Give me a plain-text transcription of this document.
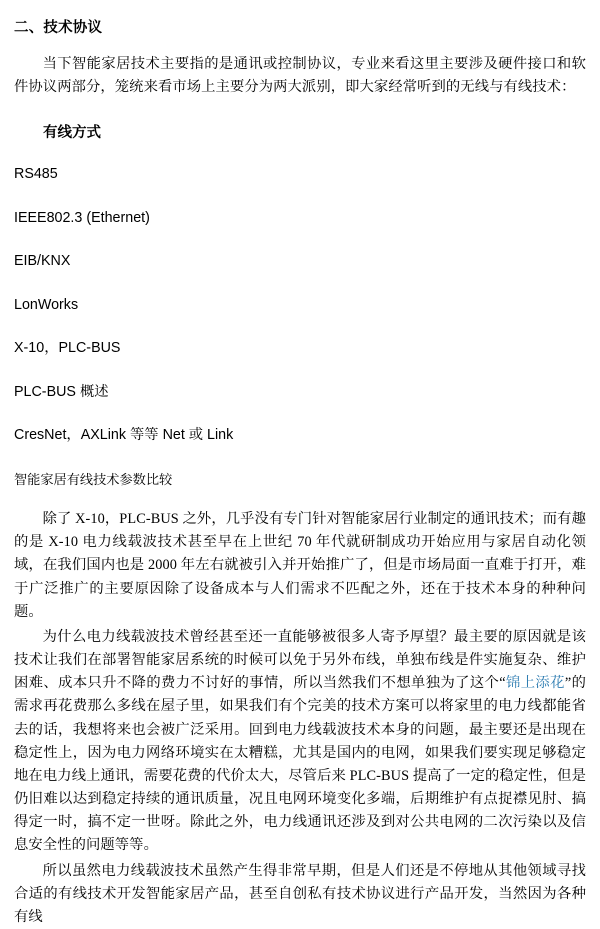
二、技术协议

当下智能家居技术主要指的是通讯或控制协议，专业来看这里主要涉及硬件接口和软件协议两部分，笼统来看市场上主要分为两大派别，即大家经常听到的无线与有线技术：

有线方式

RS485

IEEE802.3 (Ethernet)

EIB/KNX

LonWorks

X-10，PLC-BUS

PLC-BUS 概述

CresNet，AXLink 等等 Net 或 Link

智能家居有线技术参数比较

除了 X-10，PLC-BUS 之外，几乎没有专门针对智能家居行业制定的通讯技术；而有趣的是 X-10 电力线载波技术甚至早在上世纪 70 年代就研制成功开始应用与家居自动化领域，在我们国内也是 2000 年左右就被引入并开始推广了，但是市场局面一直难于打开，难于广泛推广的主要原因除了设备成本与人们需求不匹配之外，还在于技术本身的种种问题。

为什么电力线载波技术曾经甚至还一直能够被很多人寄予厚望？最主要的原因就是该技术让我们在部署智能家居系统的时候可以免于另外布线，单独布线是件实施复杂、维护困难、成本只升不降的费力不讨好的事情，所以当然我们不想单独为了这个“锦上添花”的需求再花费那么多线在屋子里，如果我们有个完美的技术方案可以将家里的电力线都能省去的话，我想将来也会被广泛采用。回到电力线载波技术本身的问题，最主要还是出现在稳定性上，因为电力网络环境实在太糟糕，尤其是国内的电网，如果我们要实现足够稳定地在电力线上通讯，需要花费的代价太大，尽管后来 PLC-BUS 提高了一定的稳定性，但是仍旧难以达到稳定持续的通讯质量，况且电网环境变化多端，后期维护有点捉襟见肘、搞得定一时，搞不定一世呀。除此之外，电力线通讯还涉及到对公共电网的二次污染以及信息安全性的问题等等。

所以虽然电力线载波技术虽然产生得非常早期，但是人们还是不停地从其他领域寻找合适的有线技术开发智能家居产品，甚至自创私有技术协议进行产品开发，当然因为各种有线
